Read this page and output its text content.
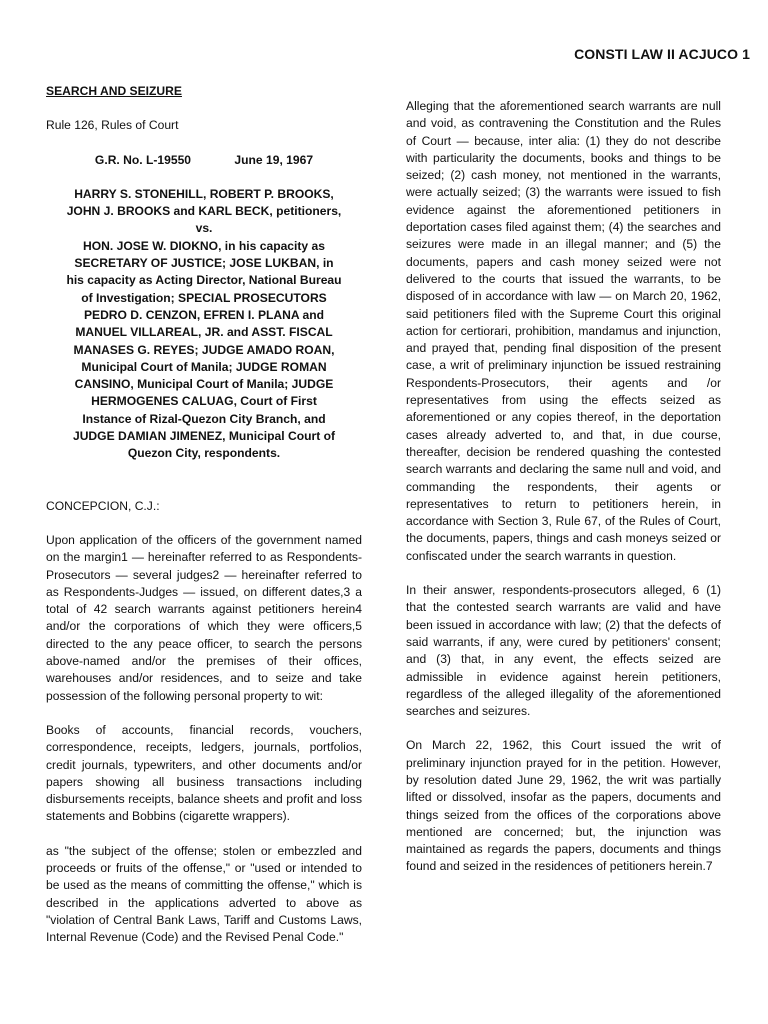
CONSTI LAW II ACJUCO 1

SEARCH AND SEIZURE

Rule 126, Rules of Court

G.R. No. L-19550	June 19, 1967

HARRY S. STONEHILL, ROBERT P. BROOKS,
JOHN J. BROOKS and KARL BECK, petitioners,
vs.
HON. JOSE W. DIOKNO, in his capacity as
SECRETARY OF JUSTICE; JOSE LUKBAN, in
his capacity as Acting Director, National Bureau
of Investigation; SPECIAL PROSECUTORS
PEDRO D. CENZON, EFREN I. PLANA and
MANUEL VILLAREAL, JR. and ASST. FISCAL
MANASES G. REYES; JUDGE AMADO ROAN,
Municipal Court of Manila; JUDGE ROMAN
CANSINO, Municipal Court of Manila; JUDGE
HERMOGENES CALUAG, Court of First
Instance of Rizal-Quezon City Branch, and
JUDGE DAMIAN JIMENEZ, Municipal Court of
Quezon City, respondents.

CONCEPCION, C.J.:

Upon application of the officers of the government named on the margin1 — hereinafter referred to as Respondents-Prosecutors — several judges2 — hereinafter referred to as Respondents-Judges — issued, on different dates,3 a total of 42 search warrants against petitioners herein4 and/or the corporations of which they were officers,5 directed to the any peace officer, to search the persons above-named and/or the premises of their offices, warehouses and/or residences, and to seize and take possession of the following personal property to wit:

Books of accounts, financial records, vouchers, correspondence, receipts, ledgers, journals, portfolios, credit journals, typewriters, and other documents and/or papers showing all business transactions including disbursements receipts, balance sheets and profit and loss statements and Bobbins (cigarette wrappers).

as "the subject of the offense; stolen or embezzled and proceeds or fruits of the offense," or "used or intended to be used as the means of committing the offense," which is described in the applications adverted to above as "violation of Central Bank Laws, Tariff and Customs Laws, Internal Revenue (Code) and the Revised Penal Code."

Alleging that the aforementioned search warrants are null and void, as contravening the Constitution and the Rules of Court — because, inter alia: (1) they do not describe with particularity the documents, books and things to be seized; (2) cash money, not mentioned in the warrants, were actually seized; (3) the warrants were issued to fish evidence against the aforementioned petitioners in deportation cases filed against them; (4) the searches and seizures were made in an illegal manner; and (5) the documents, papers and cash money seized were not delivered to the courts that issued the warrants, to be disposed of in accordance with law — on March 20, 1962, said petitioners filed with the Supreme Court this original action for certiorari, prohibition, mandamus and injunction, and prayed that, pending final disposition of the present case, a writ of preliminary injunction be issued restraining Respondents-Prosecutors, their agents and /or representatives from using the effects seized as aforementioned or any copies thereof, in the deportation cases already adverted to, and that, in due course, thereafter, decision be rendered quashing the contested search warrants and declaring the same null and void, and commanding the respondents, their agents or representatives to return to petitioners herein, in accordance with Section 3, Rule 67, of the Rules of Court, the documents, papers, things and cash moneys seized or confiscated under the search warrants in question.

In their answer, respondents-prosecutors alleged, 6 (1) that the contested search warrants are valid and have been issued in accordance with law; (2) that the defects of said warrants, if any, were cured by petitioners' consent; and (3) that, in any event, the effects seized are admissible in evidence against herein petitioners, regardless of the alleged illegality of the aforementioned searches and seizures.

On March 22, 1962, this Court issued the writ of preliminary injunction prayed for in the petition. However, by resolution dated June 29, 1962, the writ was partially lifted or dissolved, insofar as the papers, documents and things seized from the offices of the corporations above mentioned are concerned; but, the injunction was maintained as regards the papers, documents and things found and seized in the residences of petitioners herein.7
